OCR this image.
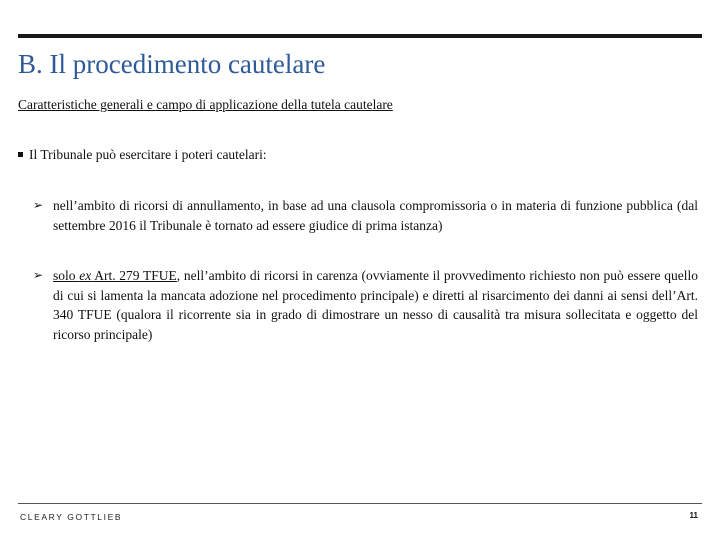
B. Il procedimento cautelare
Caratteristiche generali e campo di applicazione della tutela cautelare
Il Tribunale può esercitare i poteri cautelari:
➢ nell’ambito di ricorsi di annullamento, in base ad una clausola compromissoria o in materia di funzione pubblica (dal settembre 2016 il Tribunale è tornato ad essere giudice di prima istanza)
➢ solo ex Art. 279 TFUE, nell’ambito di ricorsi in carenza (ovviamente il provvedimento richiesto non può essere quello di cui si lamenta la mancata adozione nel procedimento principale) e diretti al risarcimento dei danni ai sensi dell’Art. 340 TFUE (qualora il ricorrente sia in grado di dimostrare un nesso di causalità tra misura sollecitata e oggetto del ricorso principale)
CLEARY GOTTLIEB	11
